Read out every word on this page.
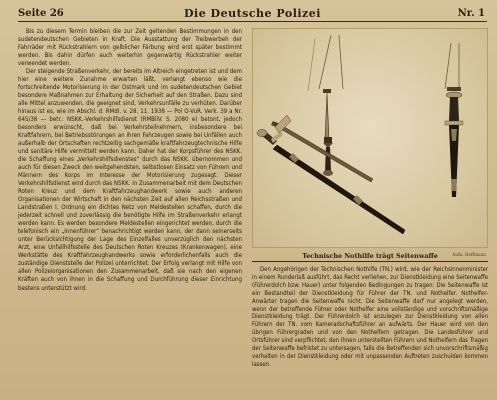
Seite 26	Die Deutsche Polizei	Nr. 1

Bis zu diesem Termin bleiben die zur Zeit geltenden Bestimmungen in den sudetendeutschen Gebieten in Kraft. Die Ausstattung der Treibwerbeh der Fahrräder mit Rückstrahlern von gelblicher Färbung wird erst später bestimmt werden. Bis dahin dürfen auch weiterhin gegenwärtig Rückstrahler weiter verwendet werden.

Der steigende Straßenverkehr, der bereits im Altreich eingetreten ist und dem hier eine weitere Zunahme erwarten läßt, verlangt ebenso wie die fortschreitende Motorisierung in der Ostmark und im sudetendeutschen Gebiet besondere Maßnahmen zur Erhaltung der Sicherheit auf den Straßen. Dazu sind alle Mittel anzuwenden, die geeignet sind, Verkehrsunfälle zu verhüten. Darüber hinaus ist es, wie im Abschl. d. RMdI. v. 28. 11. 1938 — Pol O-VuR. Verk. 39 a Nr. 645/38 — betr.: NSKK.-Verkehrshilfsdienst (RMBliV. S. 2080 e) betont, jedoch besonders erwünscht, daß bei Verkehrsteilnehmern, insbesondere bei Kraftfahrern, bei Betriebsstörungen an ihren Fahrzeugen sowie bei Unfällen auch außerhalb der Ortschaften rechtzeitig sachgemäße kraftfahrzeugtechnische Hilfe und sanitäre Hilfe vermittelt werden kann. Daher hat der Korpsführer des NSKK. die Schaffung eines „Verkehrshilfsdienstes“ durch das NSKK. übernommen und auch für diesen Zweck den weitgehendsten, selbstlosen Einsatz von Führern und Männern des Korps im Interesse der Motorisierung zugesagt. Dieser Verkehrshilfsdienst wird durch das NSKK. in Zusammenarbeit mit dem Deutschen Roten Kreuz und dem Kraftfahrzeughandwerk sowie auch anderen Organisationen der Wirtschaft in den nächsten Zeit auf allen Reichsstraßen und Landstraßen I. Ordnung ein dichtes Netz von Meldestellen schaffen, durch die jederzeit schnell und zuverlässig die benötigte Hilfe im Straßenverkehr erlangt werden kann. Es werden besondere Meldestellen eingerichtet werden, durch die telefonisch ein „Innenführer“ benachrichtigt werden kann, der dann seinerseits unter Berücksichtigung der Lage des Einzelfalles unverzüglich den nächsten Arzt, eine Unfallhilfsstelle des Deutschen Roten Kreuzes (Krankenwagen), eine Werkstätte des Kraftfahrzeughandwerks sowie erforderlichenfalls auch die zuständige Dienststelle der Polizei unterrichtet. Der Erfolg verlangt mit Hilfe von allen Polizeiorganisationen den Zusammenarbeit, daß sie nach den eigenen Kräften auch von ihnen in die Schaffung und Durchführung dieser Einrichtung bestens unterstützt wird.

Technische Nothilfe trägt Seitenwaffe	Aufn. Hoffmann

Den Angehörigen der Technischen Nothilfe (TN.) wird, wie der Reichsinnenminister in einem Runderlaß ausführt, das Recht verliehen, zur Dienstkleidung eine Seitenwaffe (Führerdolch bzw. Hauer) unter folgenden Bedingungen zu tragen: Die Seitenwaffe ist ein Bestandteil der Dienstkleidung für Führer der TN. und Nothelfer. Nothelfer-Anwärter tragen die Seitenwaffe nicht. Die Seitenwaffe darf nur angelegt werden, wenn der betreffende Führer oder Nothelfer eine vollständige und vorschriftsmäßige Dienstkleidung trägt. Der Führerdolch ist anzulegen zur Dienstkleidung von allen Führern der TN. vom Kameradschaftsführer an aufwärts. Der Hauer wird von den übrigen Führergraden und von den Nothelfern getragen. Die Landesführer und Ortsführer sind verpflichtet, den ihnen unterstellten Führern und Nothelfern das Tragen der Seitenwaffe befristet zu untersagen, falls die Betreffenden sich unvorschriftsmäßig verhalten in der Dienstkleidung oder mit unpassenden Auftreten zuschulden kommen lassen.
